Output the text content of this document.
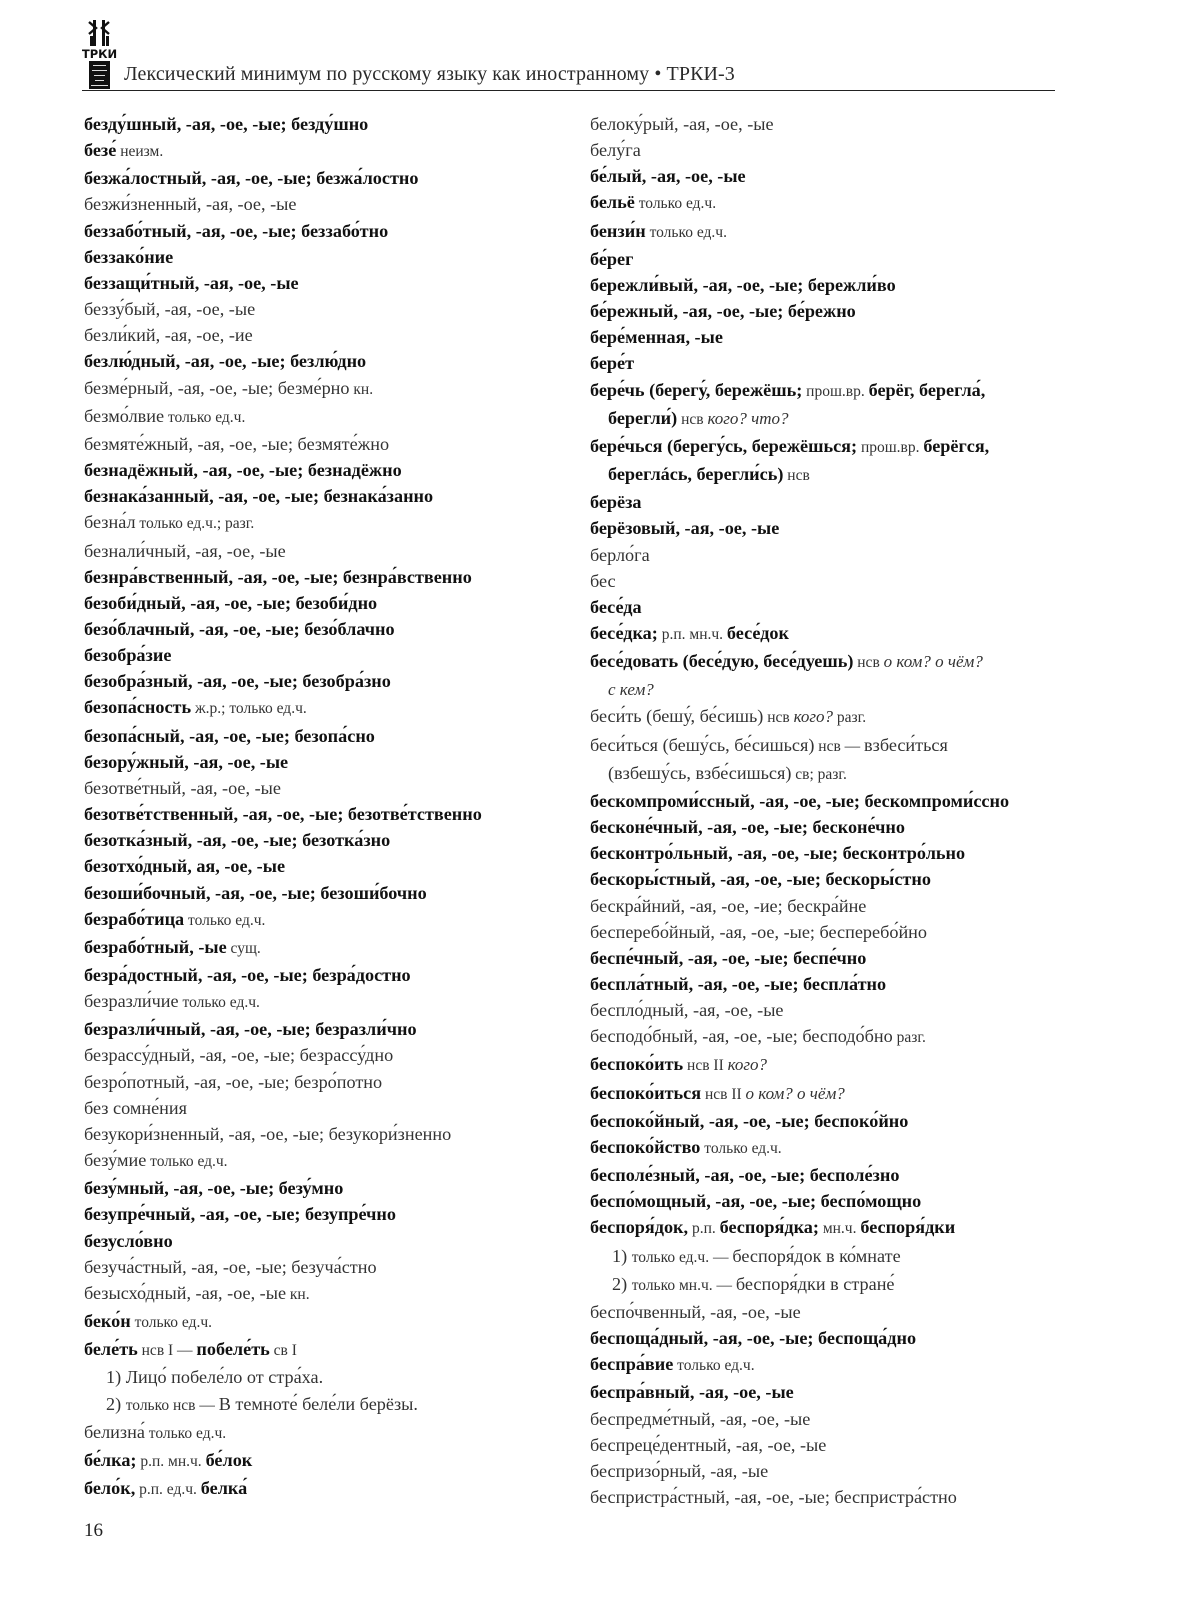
ТРКИ
Лексический минимум по русскому языку как иностранному • ТРКИ-3
безду́шный, -ая, -ое, -ые; безду́шно
безе́ неизм.
безжа́лостный, -ая, -ое, -ые; безжа́лостно
безжи́зненный, -ая, -ое, -ые
беззабо́тный, -ая, -ое, -ые; беззабо́тно
беззако́ние
беззащи́тный, -ая, -ое, -ые
беззу́бый, -ая, -ое, -ые
безли́кий, -ая, -ое, -ие
безлю́дный, -ая, -ое, -ые; безлю́дно
безме́рный, -ая, -ое, -ые; безме́рно кн.
безмо́лвие только ед.ч.
безмяте́жный, -ая, -ое, -ые; безмяте́жно
безнадёжный, -ая, -ое, -ые; безнадёжно
безнака́занный, -ая, -ое, -ые; безнака́занно
безна́л только ед.ч.; разг.
безнали́чный, -ая, -ое, -ые
безнра́вственный, -ая, -ое, -ые; безнра́вственно
безоби́дный, -ая, -ое, -ые; безоби́дно
безо́блачный, -ая, -ое, -ые; безо́блачно
безобра́зие
безобра́зный, -ая, -ое, -ые; безобра́зно
безопа́сность ж.р.; только ед.ч.
безопа́сный, -ая, -ое, -ые; безопа́сно
безору́жный, -ая, -ое, -ые
безотве́тный, -ая, -ое, -ые
безотве́тственный, -ая, -ое, -ые; безотве́тственно
безотка́зный, -ая, -ое, -ые; безотка́зно
безотхо́дный, ая, -ое, -ые
безоши́бочный, -ая, -ое, -ые; безоши́бочно
безрабо́тица только ед.ч.
безрабо́тный, -ые сущ.
безра́достный, -ая, -ое, -ые; безра́достно
безразли́чие только ед.ч.
безразли́чный, -ая, -ое, -ые; безразли́чно
безрассу́дный, -ая, -ое, -ые; безрассу́дно
безро́потный, -ая, -ое, -ые; безро́потно
без сомне́ния
безукори́зненный, -ая, -ое, -ые; безукори́зненно
безу́мие только ед.ч.
безу́мный, -ая, -ое, -ые; безу́мно
безупре́чный, -ая, -ое, -ые; безупре́чно
безусло́вно
безуча́стный, -ая, -ое, -ые; безуча́стно
безысхо́дный, -ая, -ое, -ые кн.
беко́н только ед.ч.
беле́ть нсв I — побеле́ть св I
1) Лицо́ побеле́ло от стра́ха.
2) только нсв — В темноте́ беле́ли берёзы.
белизна́ только ед.ч.
бе́лка; р.п. мн.ч. бе́лок
бело́к, р.п. ед.ч. белка́
белоку́рый, -ая, -ое, -ые
белу́га
бе́лый, -ая, -ое, -ые
бельё только ед.ч.
бензи́н только ед.ч.
бе́рег
бережли́вый, -ая, -ое, -ые; бережли́во
бе́режный, -ая, -ое, -ые; бе́режно
бере́менная, -ые
бере́т
бере́чь (берегу́, бережёшь; прош.вр. берёг, берегла́,
берегли́) нсв кого? что?
бере́чься (берегу́сь, бережёшься; прош.вр. берёгся,
береглáсь, берегли́сь) нсв
берёза
берёзовый, -ая, -ое, -ые
берло́га
бес
бесе́да
бесе́дка; р.п. мн.ч. бесе́док
бесе́довать (бесе́дую, бесе́дуешь) нсв о ком? о чём?
с кем?
беси́ть (бешу́, бе́сишь) нсв кого? разг.
беси́ться (бешу́сь, бе́сишься) нсв — взбеси́ться
(взбешу́сь, взбе́сишься) св; разг.
бескомпроми́ссный, -ая, -ое, -ые; бескомпроми́ссно
бесконе́чный, -ая, -ое, -ые; бесконе́чно
бесконтро́льный, -ая, -ое, -ые; бесконтро́льно
бескоры́стный, -ая, -ое, -ые; бескоры́стно
бескра́йний, -ая, -ое, -ие; бескра́йне
бесперебо́йный, -ая, -ое, -ые; бесперебо́йно
беспе́чный, -ая, -ое, -ые; беспе́чно
беспла́тный, -ая, -ое, -ые; беспла́тно
беспло́дный, -ая, -ое, -ые
бесподо́бный, -ая, -ое, -ые; бесподо́бно разг.
беспоко́ить нсв II кого?
беспоко́иться нсв II о ком? о чём?
беспоко́йный, -ая, -ое, -ые; беспоко́йно
беспоко́йство только ед.ч.
бесполе́зный, -ая, -ое, -ые; бесполе́зно
беспо́мощный, -ая, -ое, -ые; беспо́мощно
беспоря́док, р.п. беспоря́дка; мн.ч. беспоря́дки
1) только ед.ч. — беспоря́док в ко́мнате
2) только мн.ч. — беспоря́дки в стране́
беспо́чвенный, -ая, -ое, -ые
беспоща́дный, -ая, -ое, -ые; беспоща́дно
беспра́вие только ед.ч.
беспра́вный, -ая, -ое, -ые
беспредме́тный, -ая, -ое, -ые
беспреце́дентный, -ая, -ое, -ые
беспризо́рный, -ая, -ые
беспристра́стный, -ая, -ое, -ые; беспристра́стно
16
